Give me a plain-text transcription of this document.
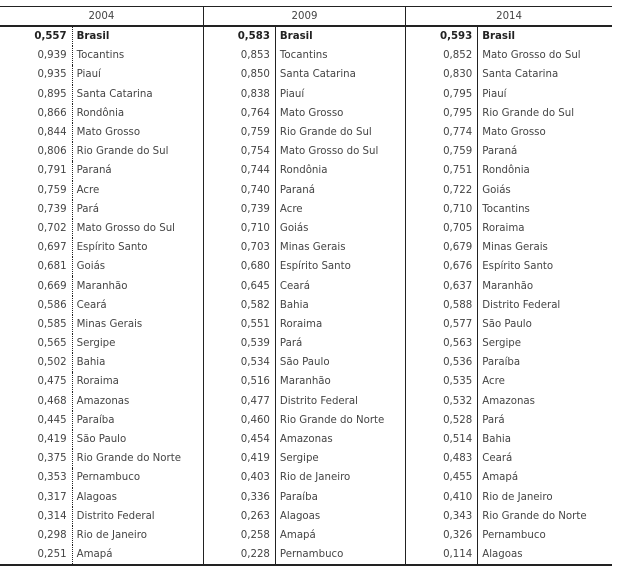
2004		2009		2014	
0,557	Brasil	0,583	Brasil	0,593	Brasil
0,939	Tocantins	0,853	Tocantins	0,852	Mato Grosso do Sul
0,935	Piauí	0,850	Santa Catarina	0,830	Santa Catarina
0,895	Santa Catarina	0,838	Piauí	0,795	Piauí
0,866	Rondônia	0,764	Mato Grosso	0,795	Rio Grande do Sul
0,844	Mato Grosso	0,759	Rio Grande do Sul	0,774	Mato Grosso
0,806	Rio Grande do Sul	0,754	Mato Grosso do Sul	0,759	Paraná
0,791	Paraná	0,744	Rondônia	0,751	Rondônia
0,759	Acre	0,740	Paraná	0,722	Goiás
0,739	Pará	0,739	Acre	0,710	Tocantins
0,702	Mato Grosso do Sul	0,710	Goiás	0,705	Roraima
0,697	Espírito Santo	0,703	Minas Gerais	0,679	Minas Gerais
0,681	Goiás	0,680	Espírito Santo	0,676	Espírito Santo
0,669	Maranhão	0,645	Ceará	0,637	Maranhão
0,586	Ceará	0,582	Bahia	0,588	Distrito Federal
0,585	Minas Gerais	0,551	Roraima	0,577	São Paulo
0,565	Sergipe	0,539	Pará	0,563	Sergipe
0,502	Bahia	0,534	São Paulo	0,536	Paraíba
0,475	Roraima	0,516	Maranhão	0,535	Acre
0,468	Amazonas	0,477	Distrito Federal	0,532	Amazonas
0,445	Paraíba	0,460	Rio Grande do Norte	0,528	Pará
0,419	São Paulo	0,454	Amazonas	0,514	Bahia
0,375	Rio Grande do Norte	0,419	Sergipe	0,483	Ceará
0,353	Pernambuco	0,403	Rio de Janeiro	0,455	Amapá
0,317	Alagoas	0,336	Paraíba	0,410	Rio de Janeiro
0,314	Distrito Federal	0,263	Alagoas	0,343	Rio Grande do Norte
0,298	Rio de Janeiro	0,258	Amapá	0,326	Pernambuco
0,251	Amapá	0,228	Pernambuco	0,114	Alagoas
